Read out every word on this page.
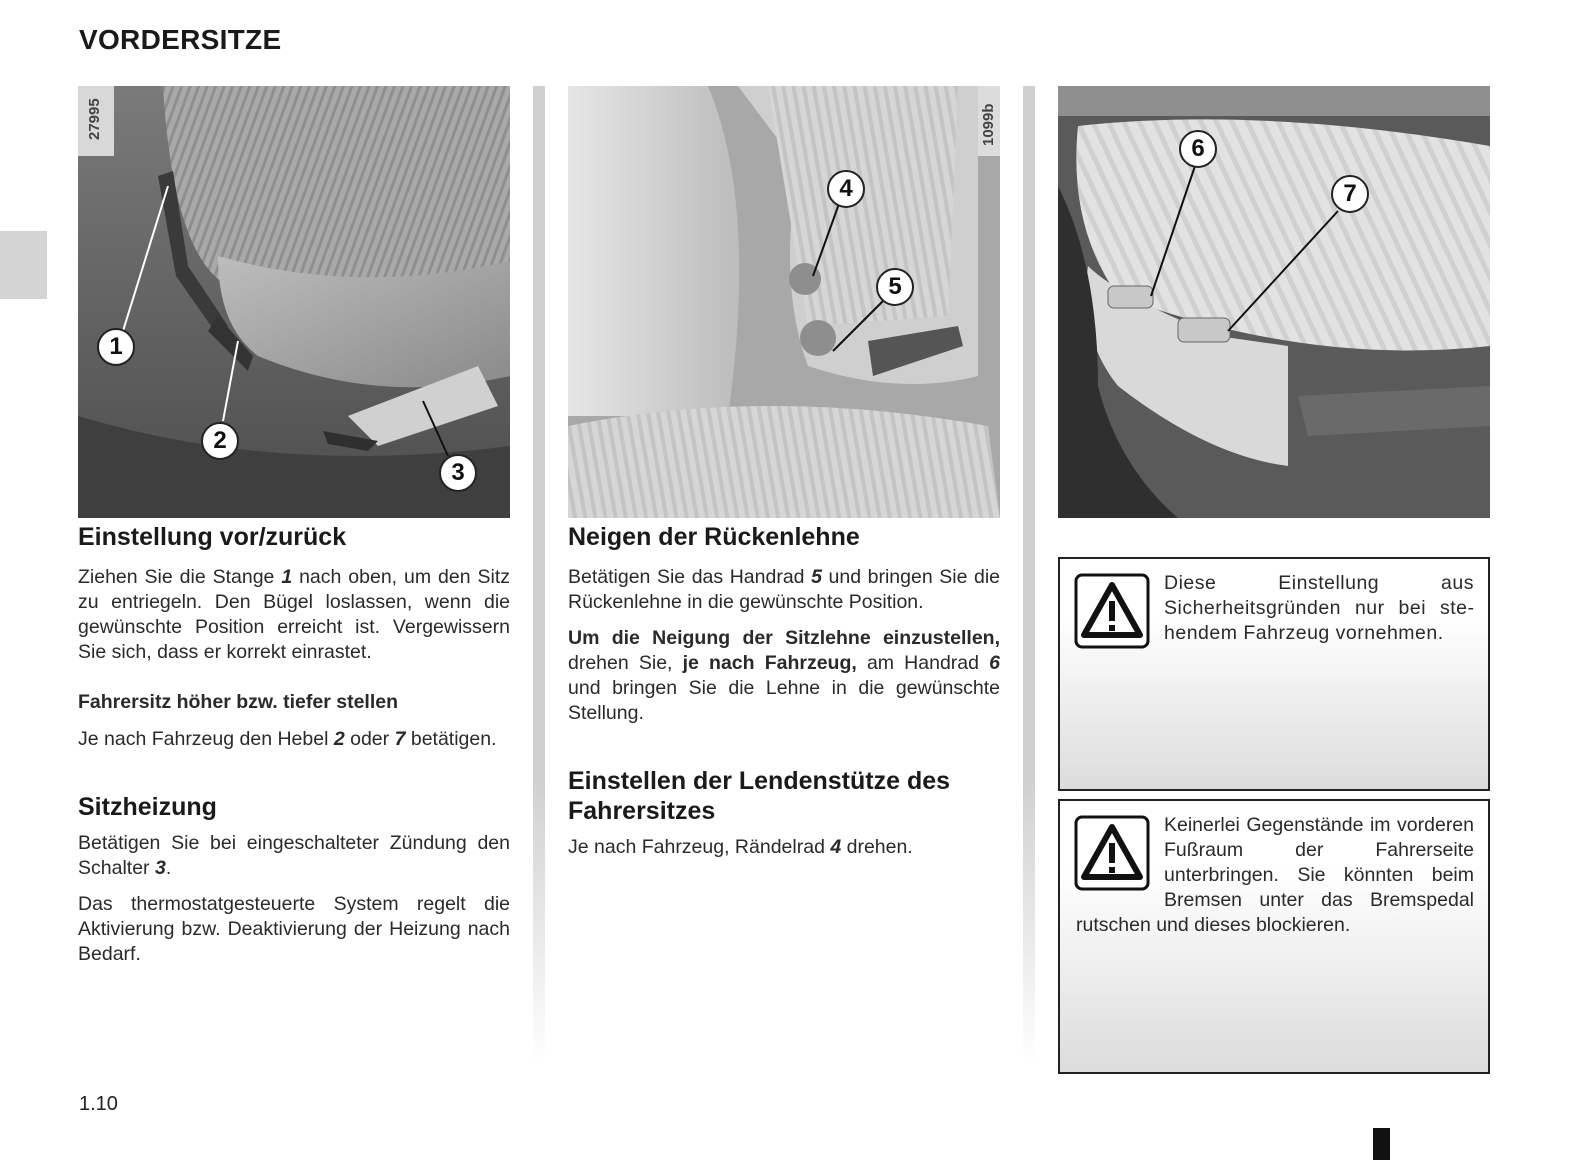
VORDERSITZE
27995
1
2
3
1099b
4
5
6
7
Einstellung vor/zurück

Ziehen Sie die Stange 1 nach oben, um den Sitz zu entriegeln. Den Bügel loslassen, wenn die gewünschte Position erreicht ist. Vergewissern Sie sich, dass er korrekt einrastet.

Fahrersitz höher bzw. tiefer stellen

Je nach Fahrzeug den Hebel 2 oder 7 betätigen.

Sitzheizung

Betätigen Sie bei eingeschalteter Zündung den Schalter 3.

Das thermostatgesteuerte System regelt die Aktivierung bzw. Deaktivierung der Heizung nach Bedarf.

Neigen der Rückenlehne

Betätigen Sie das Handrad 5 und bringen Sie die Rückenlehne in die gewünschte Position.

Um die Neigung der Sitzlehne einzustellen, drehen Sie, je nach Fahrzeug, am Handrad 6 und bringen Sie die Lehne in die gewünschte Stellung.

Einstellen der Lendenstütze des Fahrersitzes

Je nach Fahrzeug, Rändelrad 4 drehen.

Diese Einstellung aus Sicherheitsgründen nur bei stehendem Fahrzeug vornehmen.

Keinerlei Gegenstände im vorderen Fußraum der Fahrerseite unterbringen. Sie könnten beim Bremsen unter das Bremspedal rutschen und dieses blockieren.

1.10
